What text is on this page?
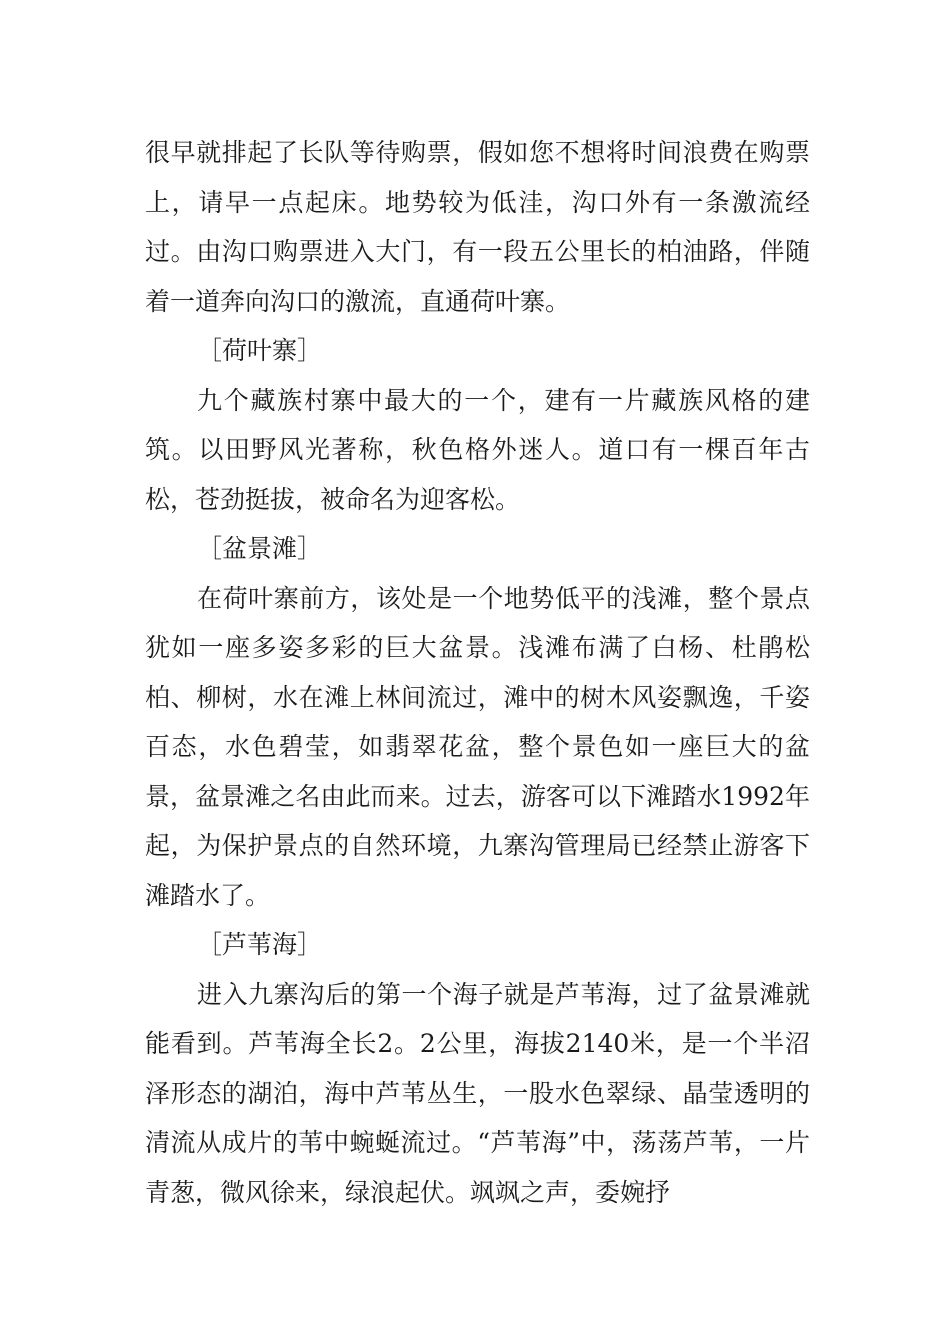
很早就排起了长队等待购票，假如您不想将时间浪费在购票上，请早一点起床。地势较为低洼，沟口外有一条激流经过。由沟口购票进入大门，有一段五公里长的柏油路，伴随着一道奔向沟口的激流，直通荷叶寨。

［荷叶寨］

九个藏族村寨中最大的一个，建有一片藏族风格的建筑。以田野风光著称，秋色格外迷人。道口有一棵百年古松，苍劲挺拔，被命名为迎客松。

［盆景滩］

在荷叶寨前方，该处是一个地势低平的浅滩，整个景点犹如一座多姿多彩的巨大盆景。浅滩布满了白杨、杜鹃松柏、柳树，水在滩上林间流过，滩中的树木风姿飘逸，千姿百态，水色碧莹，如翡翠花盆，整个景色如一座巨大的盆景，盆景滩之名由此而来。过去，游客可以下滩踏水1992年起，为保护景点的自然环境，九寨沟管理局已经禁止游客下滩踏水了。

［芦苇海］

进入九寨沟后的第一个海子就是芦苇海，过了盆景滩就能看到。芦苇海全长2。2公里，海拔2140米，是一个半沼泽形态的湖泊，海中芦苇丛生，一股水色翠绿、晶莹透明的清流从成片的苇中蜿蜒流过。“芦苇海”中，荡荡芦苇，一片青葱，微风徐来，绿浪起伏。飒飒之声，委婉抒
